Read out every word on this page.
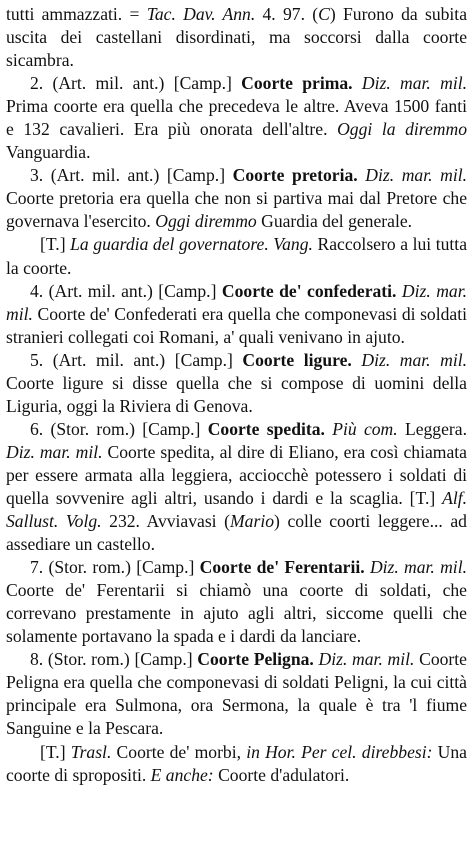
tutti ammazzati. = Tac. Dav. Ann. 4. 97. (C) Furono da subita uscita dei castellani disordinati, ma soccorsi dalla coorte sicambra.

2. (Art. mil. ant.) [Camp.] Coorte prima. Diz. mar. mil. Prima coorte era quella che precedeva le altre. Aveva 1500 fanti e 132 cavalieri. Era più onorata dell'altre. Oggi la diremmo Vanguardia.

3. (Art. mil. ant.) [Camp.] Coorte pretoria. Diz. mar. mil. Coorte pretoria era quella che non si partiva mai dal Pretore che governava l'esercito. Oggi diremmo Guardia del generale.

[T.] La guardia del governatore. Vang. Raccolsero a lui tutta la coorte.

4. (Art. mil. ant.) [Camp.] Coorte de' confederati. Diz. mar. mil. Coorte de' Confederati era quella che componevasi di soldati stranieri collegati coi Romani, a' quali venivano in ajuto.

5. (Art. mil. ant.) [Camp.] Coorte ligure. Diz. mar. mil. Coorte ligure si disse quella che si compose di uomini della Liguria, oggi la Riviera di Genova.

6. (Stor. rom.) [Camp.] Coorte spedita. Più com. Leggera. Diz. mar. mil. Coorte spedita, al dire di Eliano, era così chiamata per essere armata alla leggiera, acciocchè potessero i soldati di quella sovvenire agli altri, usando i dardi e la scaglia. [T.] Alf. Sallust. Volg. 232. Avviavasi (Mario) colle coorti leggere... ad assediare un castello.

7. (Stor. rom.) [Camp.] Coorte de' Ferentarii. Diz. mar. mil. Coorte de' Ferentarii si chiamò una coorte di soldati, che correvano prestamente in ajuto agli altri, siccome quelli che solamente portavano la spada e i dardi da lanciare.

8. (Stor. rom.) [Camp.] Coorte Peligna. Diz. mar. mil. Coorte Peligna era quella che componevasi di soldati Peligni, la cui città principale era Sulmona, ora Sermona, la quale è tra 'l fiume Sanguine e la Pescara.

[T.] Trasl. Coorte de' morbi, in Hor. Per cel. direbbesi: Una coorte di spropositi. E anche: Coorte d'adulatori.
